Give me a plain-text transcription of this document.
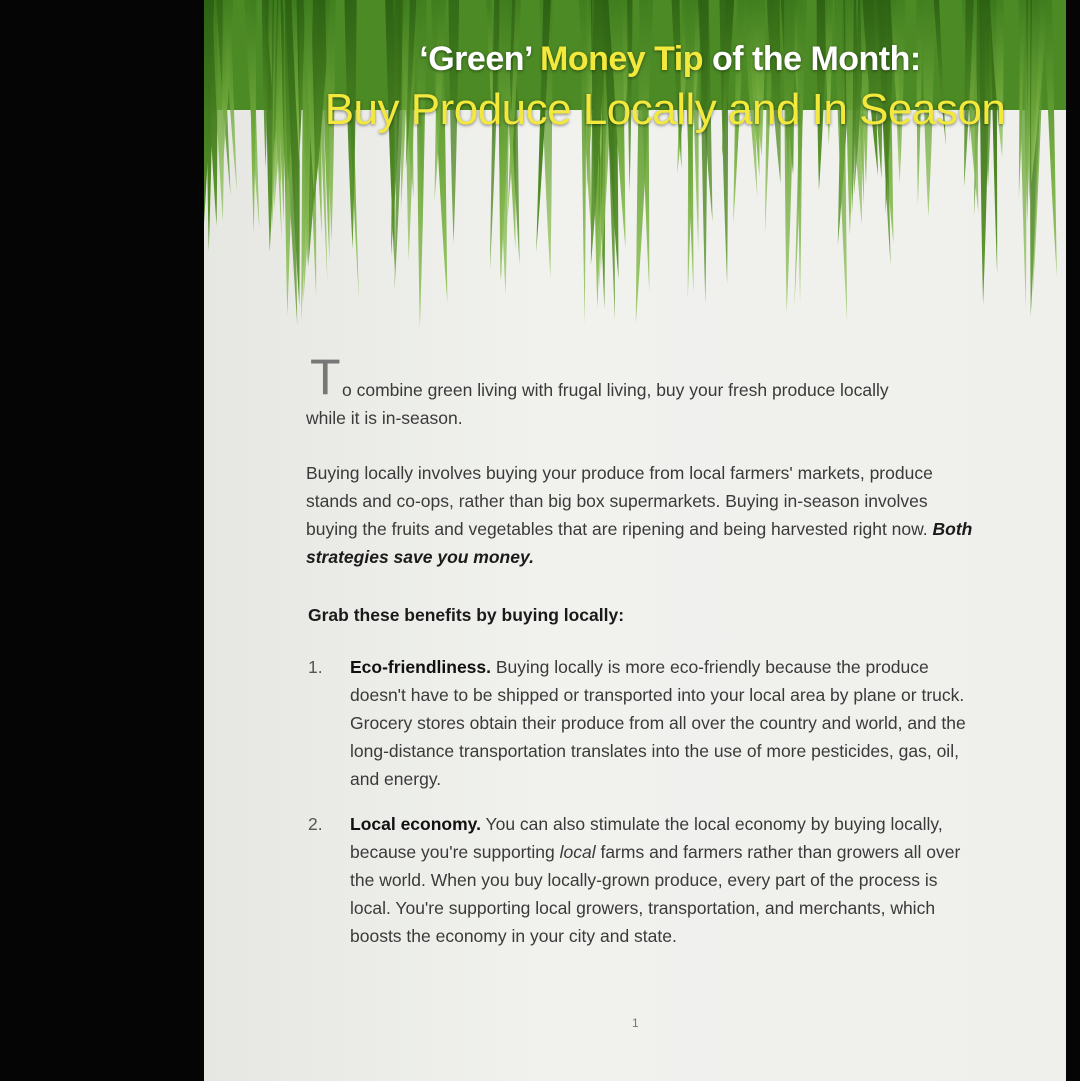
‘Green’ Money Tip of the Month:
Buy Produce Locally and In Season

T o combine green living with frugal living, buy your fresh produce locally
while it is in-season.

Buying locally involves buying your produce from local farmers' markets, produce stands and co-ops, rather than big box supermarkets. Buying in-season involves buying the fruits and vegetables that are ripening and being harvested right now. Both strategies save you money.

Grab these benefits by buying locally:
1. Eco-friendliness. Buying locally is more eco-friendly because the produce doesn't have to be shipped or transported into your local area by plane or truck. Grocery stores obtain their produce from all over the country and world, and the long-distance transportation translates into the use of more pesticides, gas, oil, and energy.
2. Local economy. You can also stimulate the local economy by buying locally, because you're supporting local farms and farmers rather than growers all over the world. When you buy locally-grown produce, every part of the process is local. You're supporting local growers, transportation, and merchants, which boosts the economy in your city and state.
1
